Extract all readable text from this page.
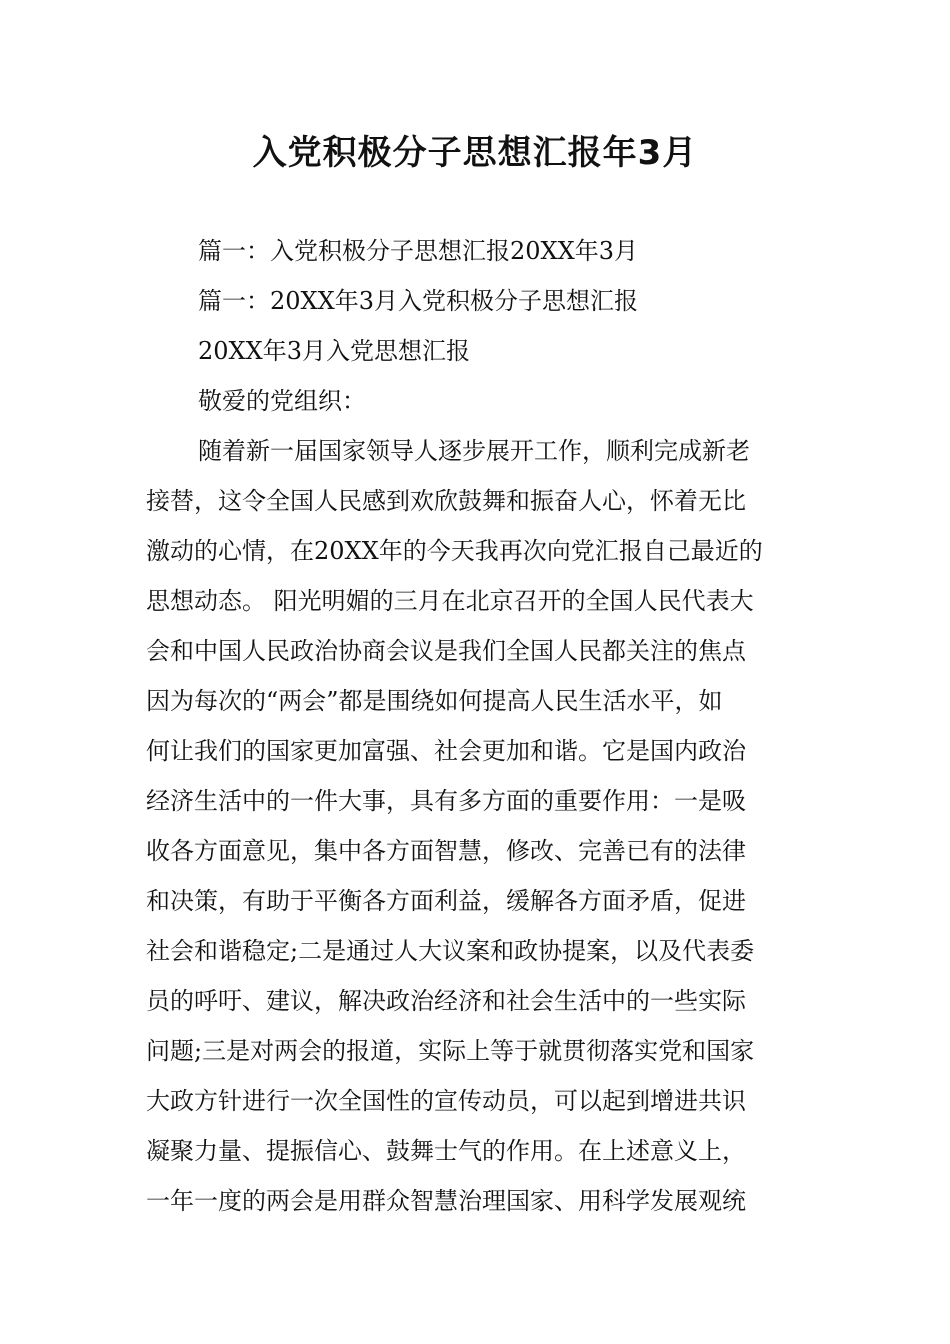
入党积极分子思想汇报年3月

篇一：入党积极分子思想汇报20XX年3月

篇一：20XX年3月入党积极分子思想汇报

20XX年3月入党思想汇报

敬爱的党组织：

随着新一届国家领导人逐步展开工作，顺利完成新老

接替，这令全国人民感到欢欣鼓舞和振奋人心，怀着无比

激动的心情，在20XX年的今天我再次向党汇报自己最近的

思想动态。 阳光明媚的三月在北京召开的全国人民代表大

会和中国人民政治协商会议是我们全国人民都关注的焦点

因为每次的“两会”都是围绕如何提高人民生活水平，如

何让我们的国家更加富强、社会更加和谐。它是国内政治

经济生活中的一件大事，具有多方面的重要作用：一是吸

收各方面意见，集中各方面智慧，修改、完善已有的法律

和决策，有助于平衡各方面利益，缓解各方面矛盾，促进

社会和谐稳定;二是通过人大议案和政协提案，以及代表委

员的呼吁、建议，解决政治经济和社会生活中的一些实际

问题;三是对两会的报道，实际上等于就贯彻落实党和国家

大政方针进行一次全国性的宣传动员，可以起到增进共识

凝聚力量、提振信心、鼓舞士气的作用。在上述意义上，

一年一度的两会是用群众智慧治理国家、用科学发展观统
